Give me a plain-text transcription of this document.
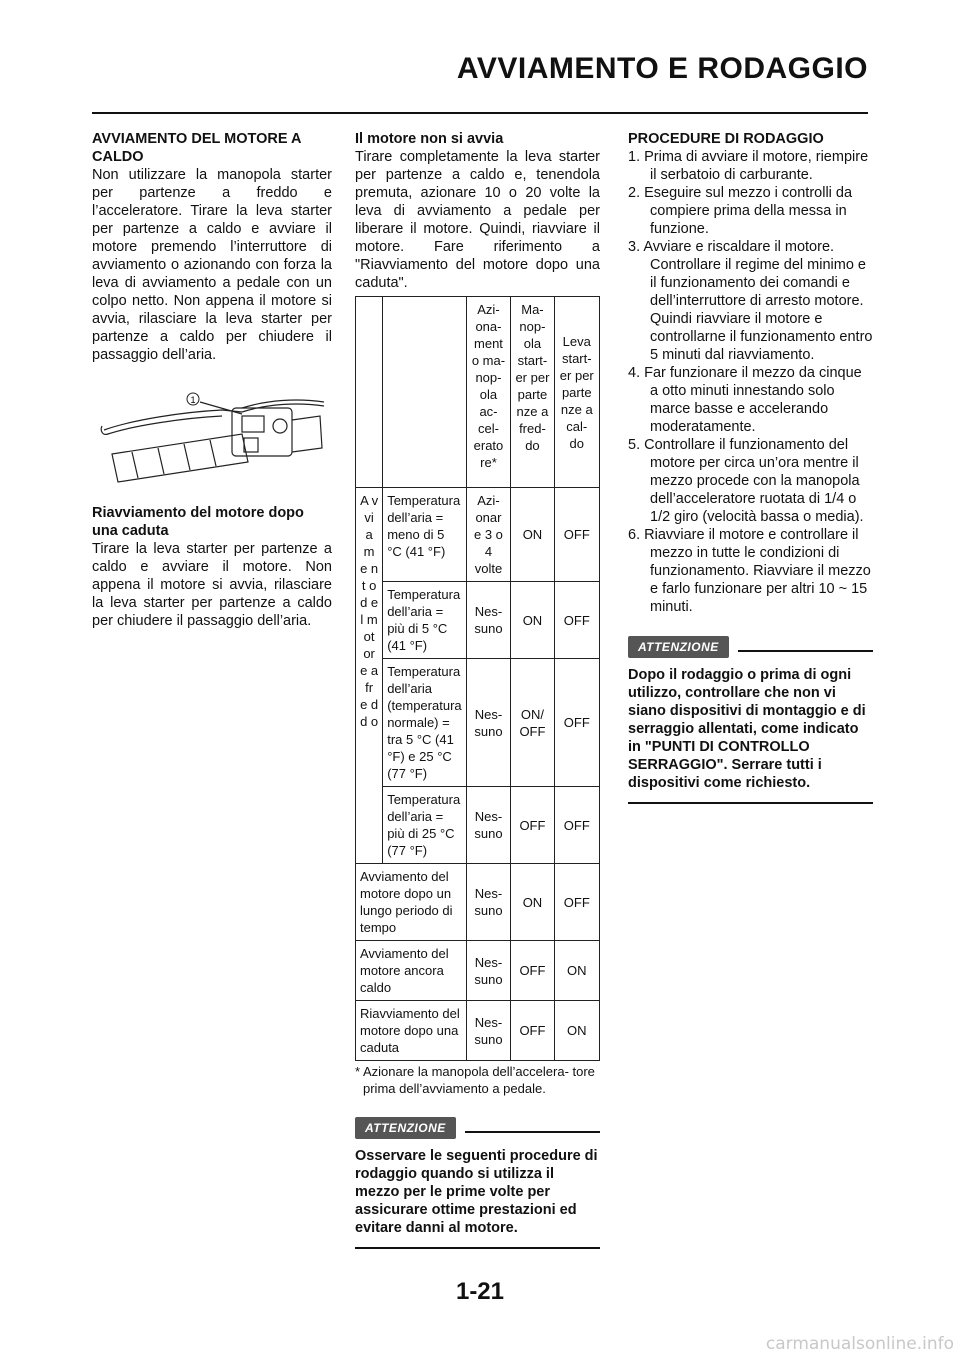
AVVIAMENTO E RODAGGIO

AVVIAMENTO DEL MOTORE A CALDO

Non utilizzare la manopola starter per partenze a freddo e l’acceleratore. Tirare la leva starter per partenze a caldo e avviare il motore premendo l’interruttore di avviamento o azionando con forza la leva di avviamento a pedale con un colpo netto. Non appena il motore si avvia, rilasciare la leva starter per partenze a caldo per chiudere il passaggio dell’aria.

1

Riavviamento del motore dopo una caduta

Tirare la leva starter per partenze a caldo e avviare il motore. Non appena il motore si avvia, rilasciare la leva starter per partenze a caldo per chiudere il passaggio dell’aria.

Il motore non si avvia

Tirare completamente la leva starter per partenze a caldo e, tenendola premuta, azionare 10 o 20 volte la leva di avviamento a pedale per liberare il motore. Quindi, riavviare il motore. Fare riferimento a "Riavviamento del motore dopo una caduta".

		Azi- ona- ment o ma- nop- ola ac- cel- erato re*	Ma- nop- ola start- er per parte nze a fred- do	Leva start- er per parte nze a cal- do
A v vi a m e nt o d el m ot or e a fr e d d o	Temperatura dell’aria = meno di 5 °C (41 °F)	Azi- onar e 3 o 4 volte	ON	OFF
	Temperatura dell’aria = più di 5 °C (41 °F)	Nes- suno	ON	OFF
	Temperatura dell’aria (temperatura normale) = tra 5 °C (41 °F) e 25 °C (77 °F)	Nes- suno	ON/ OFF	OFF
	Temperatura dell’aria = più di 25 °C (77 °F)	Nes- suno	OFF	OFF
Avviamento del motore dopo un lungo periodo di tempo		Nes- suno	ON	OFF
Avviamento del motore ancora caldo		Nes- suno	OFF	ON
Riavviamento del motore dopo una caduta		Nes- suno	OFF	ON

* Azionare la manopola dell’accelera- tore prima dell’avviamento a pedale.

ATTENZIONE

Osservare le seguenti procedure di rodaggio quando si utilizza il mezzo per le prime volte per assicurare ottime prestazioni ed evitare danni al motore.

PROCEDURE DI RODAGGIO

1. Prima di avviare il motore, riempire il serbatoio di carburante.
2. Eseguire sul mezzo i controlli da compiere prima della messa in funzione.
3. Avviare e riscaldare il motore. Controllare il regime del minimo e il funzionamento dei comandi e dell’interruttore di arresto motore. Quindi riavviare il motore e controllarne il funzionamento entro 5 minuti dal riavviamento.
4. Far funzionare il mezzo da cinque a otto minuti innestando solo marce basse e accelerando moderatamente.
5. Controllare il funzionamento del motore per circa un’ora mentre il mezzo procede con la manopola dell’acceleratore ruotata di 1/4 o 1/2 giro (velocità bassa o media).
6. Riavviare il motore e controllare il mezzo in tutte le condizioni di funzionamento. Riavviare il mezzo e farlo funzionare per altri 10 ~ 15 minuti.
ATTENZIONE

Dopo il rodaggio o prima di ogni utilizzo, controllare che non vi siano dispositivi di montaggio e di serraggio allentati, come indicato in "PUNTI DI CONTROLLO SERRAGGIO". Serrare tutti i dispositivi come richiesto.

1-21
carmanualsonline.info
